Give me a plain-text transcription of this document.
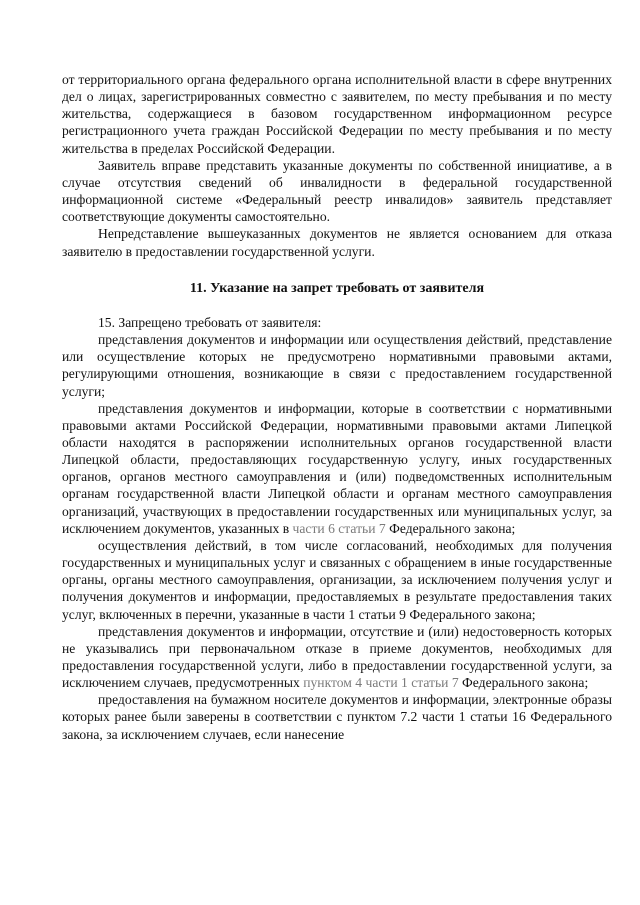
от территориального органа федерального органа исполнительной власти в сфере внутренних дел о лицах, зарегистрированных совместно с заявителем, по месту пребывания и по месту жительства, содержащиеся в базовом государственном информационном ресурсе регистрационного учета граждан Российской Федерации по месту пребывания и по месту жительства в пределах Российской Федерации.

Заявитель вправе представить указанные документы по собственной инициативе, а в случае отсутствия сведений об инвалидности в федеральной государственной информационной системе «Федеральный реестр инвалидов» заявитель представляет соответствующие документы самостоятельно.

Непредставление вышеуказанных документов не является основанием для отказа заявителю в предоставлении государственной услуги.

11. Указание на запрет требовать от заявителя

15. Запрещено требовать от заявителя:

представления документов и информации или осуществления действий, представление или осуществление которых не предусмотрено нормативными правовыми актами, регулирующими отношения, возникающие в связи с предоставлением государственной услуги;

представления документов и информации, которые в соответствии с нормативными правовыми актами Российской Федерации, нормативными правовыми актами Липецкой области находятся в распоряжении исполнительных органов государственной власти Липецкой области, предоставляющих государственную услугу, иных государственных органов, органов местного самоуправления и (или) подведомственных исполнительным органам государственной власти Липецкой области и органам местного самоуправления организаций, участвующих в предоставлении государственных или муниципальных услуг, за исключением документов, указанных в части 6 статьи 7 Федерального закона;

осуществления действий, в том числе согласований, необходимых для получения государственных и муниципальных услуг и связанных с обращением в иные государственные органы, органы местного самоуправления, организации, за исключением получения услуг и получения документов и информации, предоставляемых в результате предоставления таких услуг, включенных в перечни, указанные в части 1 статьи 9 Федерального закона;

представления документов и информации, отсутствие и (или) недостоверность которых не указывались при первоначальном отказе в приеме документов, необходимых для предоставления государственной услуги, либо в предоставлении государственной услуги, за исключением случаев, предусмотренных пунктом 4 части 1 статьи 7 Федерального закона;

предоставления на бумажном носителе документов и информации, электронные образы которых ранее были заверены в соответствии с пунктом 7.2 части 1 статьи 16 Федерального закона, за исключением случаев, если нанесение
